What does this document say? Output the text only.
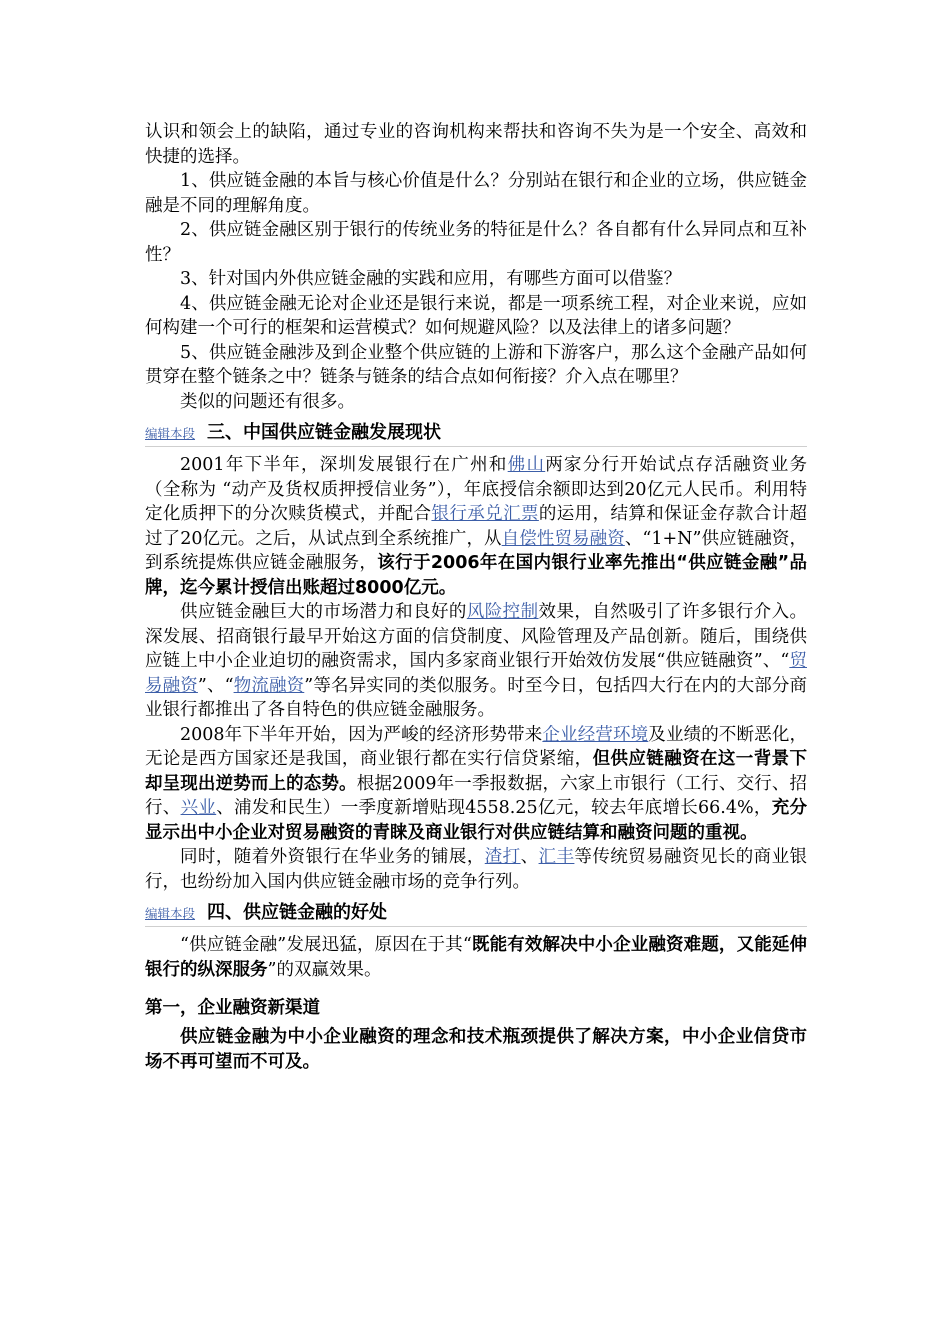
认识和领会上的缺陷，通过专业的咨询机构来帮扶和咨询不失为是一个安全、高效和快捷的选择。

1、供应链金融的本旨与核心价值是什么？分别站在银行和企业的立场，供应链金融是不同的理解角度。

2、供应链金融区别于银行的传统业务的特征是什么？各自都有什么异同点和互补性？

3、针对国内外供应链金融的实践和应用，有哪些方面可以借鉴？

4、供应链金融无论对企业还是银行来说，都是一项系统工程，对企业来说，应如何构建一个可行的框架和运营模式？如何规避风险？以及法律上的诸多问题？

5、供应链金融涉及到企业整个供应链的上游和下游客户，那么这个金融产品如何贯穿在整个链条之中？链条与链条的结合点如何衔接？介入点在哪里？

类似的问题还有很多。

编辑本段 三、中国供应链金融发展现状

2001年下半年，深圳发展银行在广州和佛山两家分行开始试点存活融资业务 （全称为 “动产及货权质押授信业务”），年底授信余额即达到20亿元人民币。利用特定化质押下的分次赎货模式，并配合银行承兑汇票的运用，结算和保证金存款合计超过了20亿元。之后，从试点到全系统推广，从自偿性贸易融资、“1+N”供应链融资，到系统提炼供应链金融服务，该行于2006年在国内银行业率先推出“供应链金融”品牌，迄今累计授信出账超过8000亿元。

供应链金融巨大的市场潜力和良好的风险控制效果，自然吸引了许多银行介入。深发展、招商银行最早开始这方面的信贷制度、风险管理及产品创新。随后，围绕供应链上中小企业迫切的融资需求，国内多家商业银行开始效仿发展“供应链融资”、“贸易融资”、“物流融资”等名异实同的类似服务。时至今日，包括四大行在内的大部分商业银行都推出了各自特色的供应链金融服务。

2008年下半年开始，因为严峻的经济形势带来企业经营环境及业绩的不断恶化，无论是西方国家还是我国，商业银行都在实行信贷紧缩，但供应链融资在这一背景下却呈现出逆势而上的态势。根据2009年一季报数据，六家上市银行（工行、交行、招行、兴业、浦发和民生）一季度新增贴现4558.25亿元，较去年底增长66.4%，充分显示出中小企业对贸易融资的青睐及商业银行对供应链结算和融资问题的重视。

同时，随着外资银行在华业务的铺展，渣打、汇丰等传统贸易融资见长的商业银行，也纷纷加入国内供应链金融市场的竞争行列。

编辑本段 四、供应链金融的好处

“供应链金融”发展迅猛，原因在于其“既能有效解决中小企业融资难题，又能延伸银行的纵深服务”的双赢效果。

第一，企业融资新渠道

供应链金融为中小企业融资的理念和技术瓶颈提供了解决方案，中小企业信贷市场不再可望而不可及。
